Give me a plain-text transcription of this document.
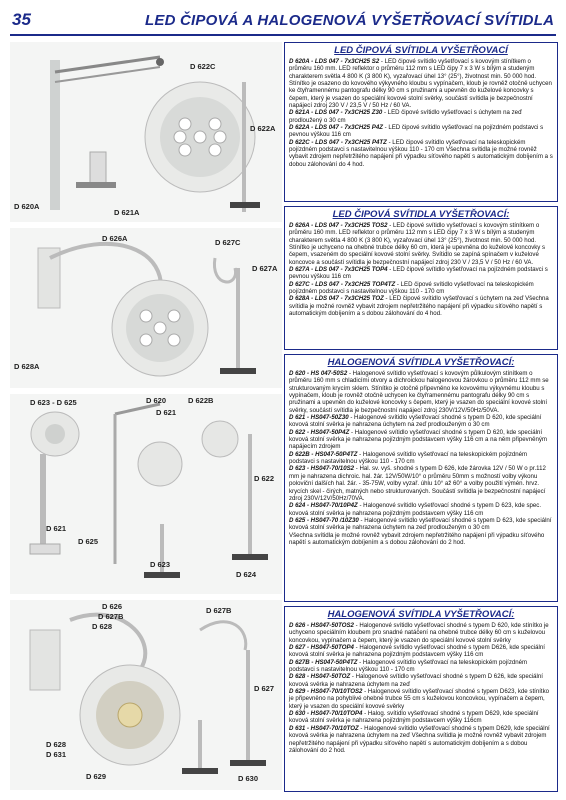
35	LED ČIPOVÁ A HALOGENOVÁ VYŠETŘOVACÍ SVÍTIDLA
D 622C
D 622A
D 620A
D 621A
D 626A	D 627C
D 627A
D 628A
D 623 - D 625	D 620
D 621
D 622B
D 622
D 621
D 625
D 623
D 624
D 626
D 627B
D 628
D 627B
D 627
D 628
D 631
D 629	D 630

LED ČIPOVÁ SVÍTIDLA VYŠETŘOVACÍ

D 620A - LDS 047 - 7x3CH25 S2 - LED čipové svítidlo vyšetřovací s kovovým stínítkem o průměru 160 mm. LED reflektor o průměru 112 mm s LED čipy 7 x 3 W s bílým a studeným charakterem světla 4 800 K (3 800 K), vyzařovací úhel 13° (25°), životnost min. 50 000 hod. Stínítko je osazeno do kovového výkyvného kloubu s vypínačem, kloub je rovněž otočně uchycen ke čtyřramennému pantografu délky 90 cm s pružinami a upevněn do kuželové koncovky s čepem, který je vsazen do speciální kovové stolní svěrky, součástí svítidla je bezpečnostní napájecí zdroj 230 V / 23,5 V / 50 Hz / 60 VA.

D 621A - LDS 047 - 7x3CH25 Z30 - LED čipové svítidlo vyšetřovací s úchytem na zeď prodloužený o 30 cm

D 622A - LDS 047 - 7x3CH25 P4Z - LED čipové svítidlo vyšetřovací na pojízdném podstavci s pevnou výškou 116 cm

D 622C - LDS 047 - 7x3CH25 P4TZ - LED čipové svítidlo vyšetřovací na teleskopickém pojízdném podstavci s nastavitelnou výškou 110 - 170 cm Všechna svítidla je možné rovněž vybavit zdrojem nepřetržitého napájení při výpadku síťového napětí s automatickým dobíjením a s dobou zálohování do 4 hod.

LED ČIPOVÁ SVÍTIDLA VYŠETŘOVACÍ:

D 626A - LDS 047 - 7x3CH25 TOS2 - LED čipové svítidlo vyšetřovací s kovovým stínítkem o průměru 160 mm. LED reflektor o průměru 112 mm s LED čipy 7 x 3 W s bílým a studeným charakterem světla 4 800 K (3 800 K), vyzařovací úhel 13° (25°), životnost min. 50 000 hod. Stínítko je uchyceno na ohebné trubce délky 60 cm, která je upevněna do kuželové koncovky s čepem, vsazeném do speciální kovové stolní svěrky. Svítidlo se zapíná spínačem v kuželové koncovce a součástí svítidla je bezpečnostní napájecí zdroj 230 V / 23,5 V / 50 Hz / 60 VA.

D 627A - LDS 047 - 7x3CH25 TOP4 - LED čipové svítidlo vyšetřovací na pojízdném podstavci s pevnou výškou 116 cm

D 627C - LDS 047 - 7x3CH25 TOP4TZ - LED čipové svítidlo vyšetřovací na teleskopickém pojízdném podstavci s nastavitelnou výškou 110 - 170 cm

D 628A - LDS 047 - 7x3CH25 TOZ - LED čipové svítidlo vyšetřovací s úchytem na zeď Všechna svítidla je možné rovněž vybavit zdrojem nepřetržitého napájení při výpadku síťového napětí s automatickým dobíjením a s dobou zálohování do 4 hod.

HALOGENOVÁ SVÍTIDLA VYŠETŘOVACÍ:

D 620 - HS 047-50S2 - Halogenové svítidlo vyšetřovací s kovovým půlkulovým stínítkem o průměru 160 mm s chladicími otvory a dichroickou halogenovou žárovkou o průměru 112 mm se strukturovaným krycím sklem. Stínítko je otočně připevněno ke kovovému výkyvnému kloubu s vypínačem, kloub je rovněž otočně uchycen ke čtyřramennému pantografu délky 90 cm s pružinami a upevněn do kuželové koncovky s čepem, který je vsazen do speciální kovové stolní svěrky, součástí svítidla je bezpečnostní napájecí zdroj 230V/12V/50Hz/50VA.

D 621 - HS047-50Z30 - Halogenové svítidlo vyšetřovací shodné s typem D 620, kde speciální kovová stolní svěrka je nahrazena úchytem na zeď prodlouženým o 30 cm

D 622 - HS047-50P4Z - Halogenové svítidlo vyšetřovací shodné s typem D 620, kde speciální kovová stolní svěrka je nahrazena pojízdným podstavcem výšky 116 cm a na něm připevněným napájecím zdrojem

D 622B - HS047-50P4TZ - Halogenové svítidlo vyšetřovací na teleskopickém pojízdném podstavci s nastavitelnou výškou 110 - 170 cm

D 623 - HS047-70/10S2 - Hal. sv. vyš. shodné s typem D 626, kde žárovka 12V / 50 W o pr.112 mm je nahrazena dichroic. hal. žár. 12V/50W/10° o průměru 50mm s možností volby výkonu poloviční dalších hal. žár. - 35-75W, volby vyzař. úhlu 10° až 60° a volby použití výmén. hrvz. krycích skel - čirých, matných nebo strukturovaných. Součástí svítidla je bezpečnostní napájecí zdroj 230V/12V/50Hz/70VA.

D 624 - HS047-70/10P4Z - Halogenové svítidlo vyšetřovací shodné s typem D 623, kde spec. kovová stolní svěrka je nahrazena pojízdným podstavcem výšky 116 cm

D 625 - HS047-70 /10Z30 - Halogenové svítidlo vyšetřovací shodné s typem D 623, kde speciální kovová stolní svěrka je nahrazena úchytem na zeď prodlouženým o 30 cm

Všechna svítidla je možné rovněž vybavit zdrojem nepřetržitého napájení při výpadku síťového napětí s automatickým dobíjením a s dobou zálohování do 2 hod.

HALOGENOVÁ SVÍTIDLA VYŠETŘOVACÍ:

D 626 - HS047-50TOS2 - Halogenové svítidlo vyšetřovací shodné s typem D 620, kde stínítko je uchyceno speciálním kloubem pro snadné natáčení na ohebné trubce délky 60 cm s kuželovou koncovkou, vypínačem a čepem, který je vsazen do speciální kovové stolní svěrky

D 627 - HS047-50TOP4 - Halogenové svítidlo vyšetřovací shodné s typem D626, kde speciální kovová stolní svěrka je nahrazena pojízdným podstavcem výšky 116 cm

D 627B - HS047-50P4TZ - Halogenové svítidlo vyšetřovací na teleskopickém pojízdném podstavci s nastavitelnou výškou 110 - 170 cm

D 628 - HS047-50TOZ - Halogenové svítidlo vyšetřovací shodné s typem D 626, kde speciální kovová svěrka je nahrazena úchytem na zeď

D 629 - HS047-70/10TOS2 - Halogenové svítidlo vyšetřovací shodné s typem D623, kde stínítko je připevněno na pohyblivé ohebné trubce 55 cm s kuželovou koncovkou, vypínačem a čepem, který je vsazen do speciální kovové svěrky

D 630 - HS047-70/10TOP4 - Halog. svítidlo vyšetřovací shodné s typem D629, kde speciální kovová stolní svěrka je nahrazena pojízdným podstavcem výšky 116cm

D 631 - HS047-70/10TOZ - Halogenové svítidlo vyšetřovací shodné s typem D629, kde speciální kovová svěrka je nahrazena úchytem na zeď Všechna svítidla je možné rovněž vybavit zdrojem nepřetržitého napájení při výpadku síťového napětí s automatickým dobíjením a s dobou zálohování do 2 hod.
